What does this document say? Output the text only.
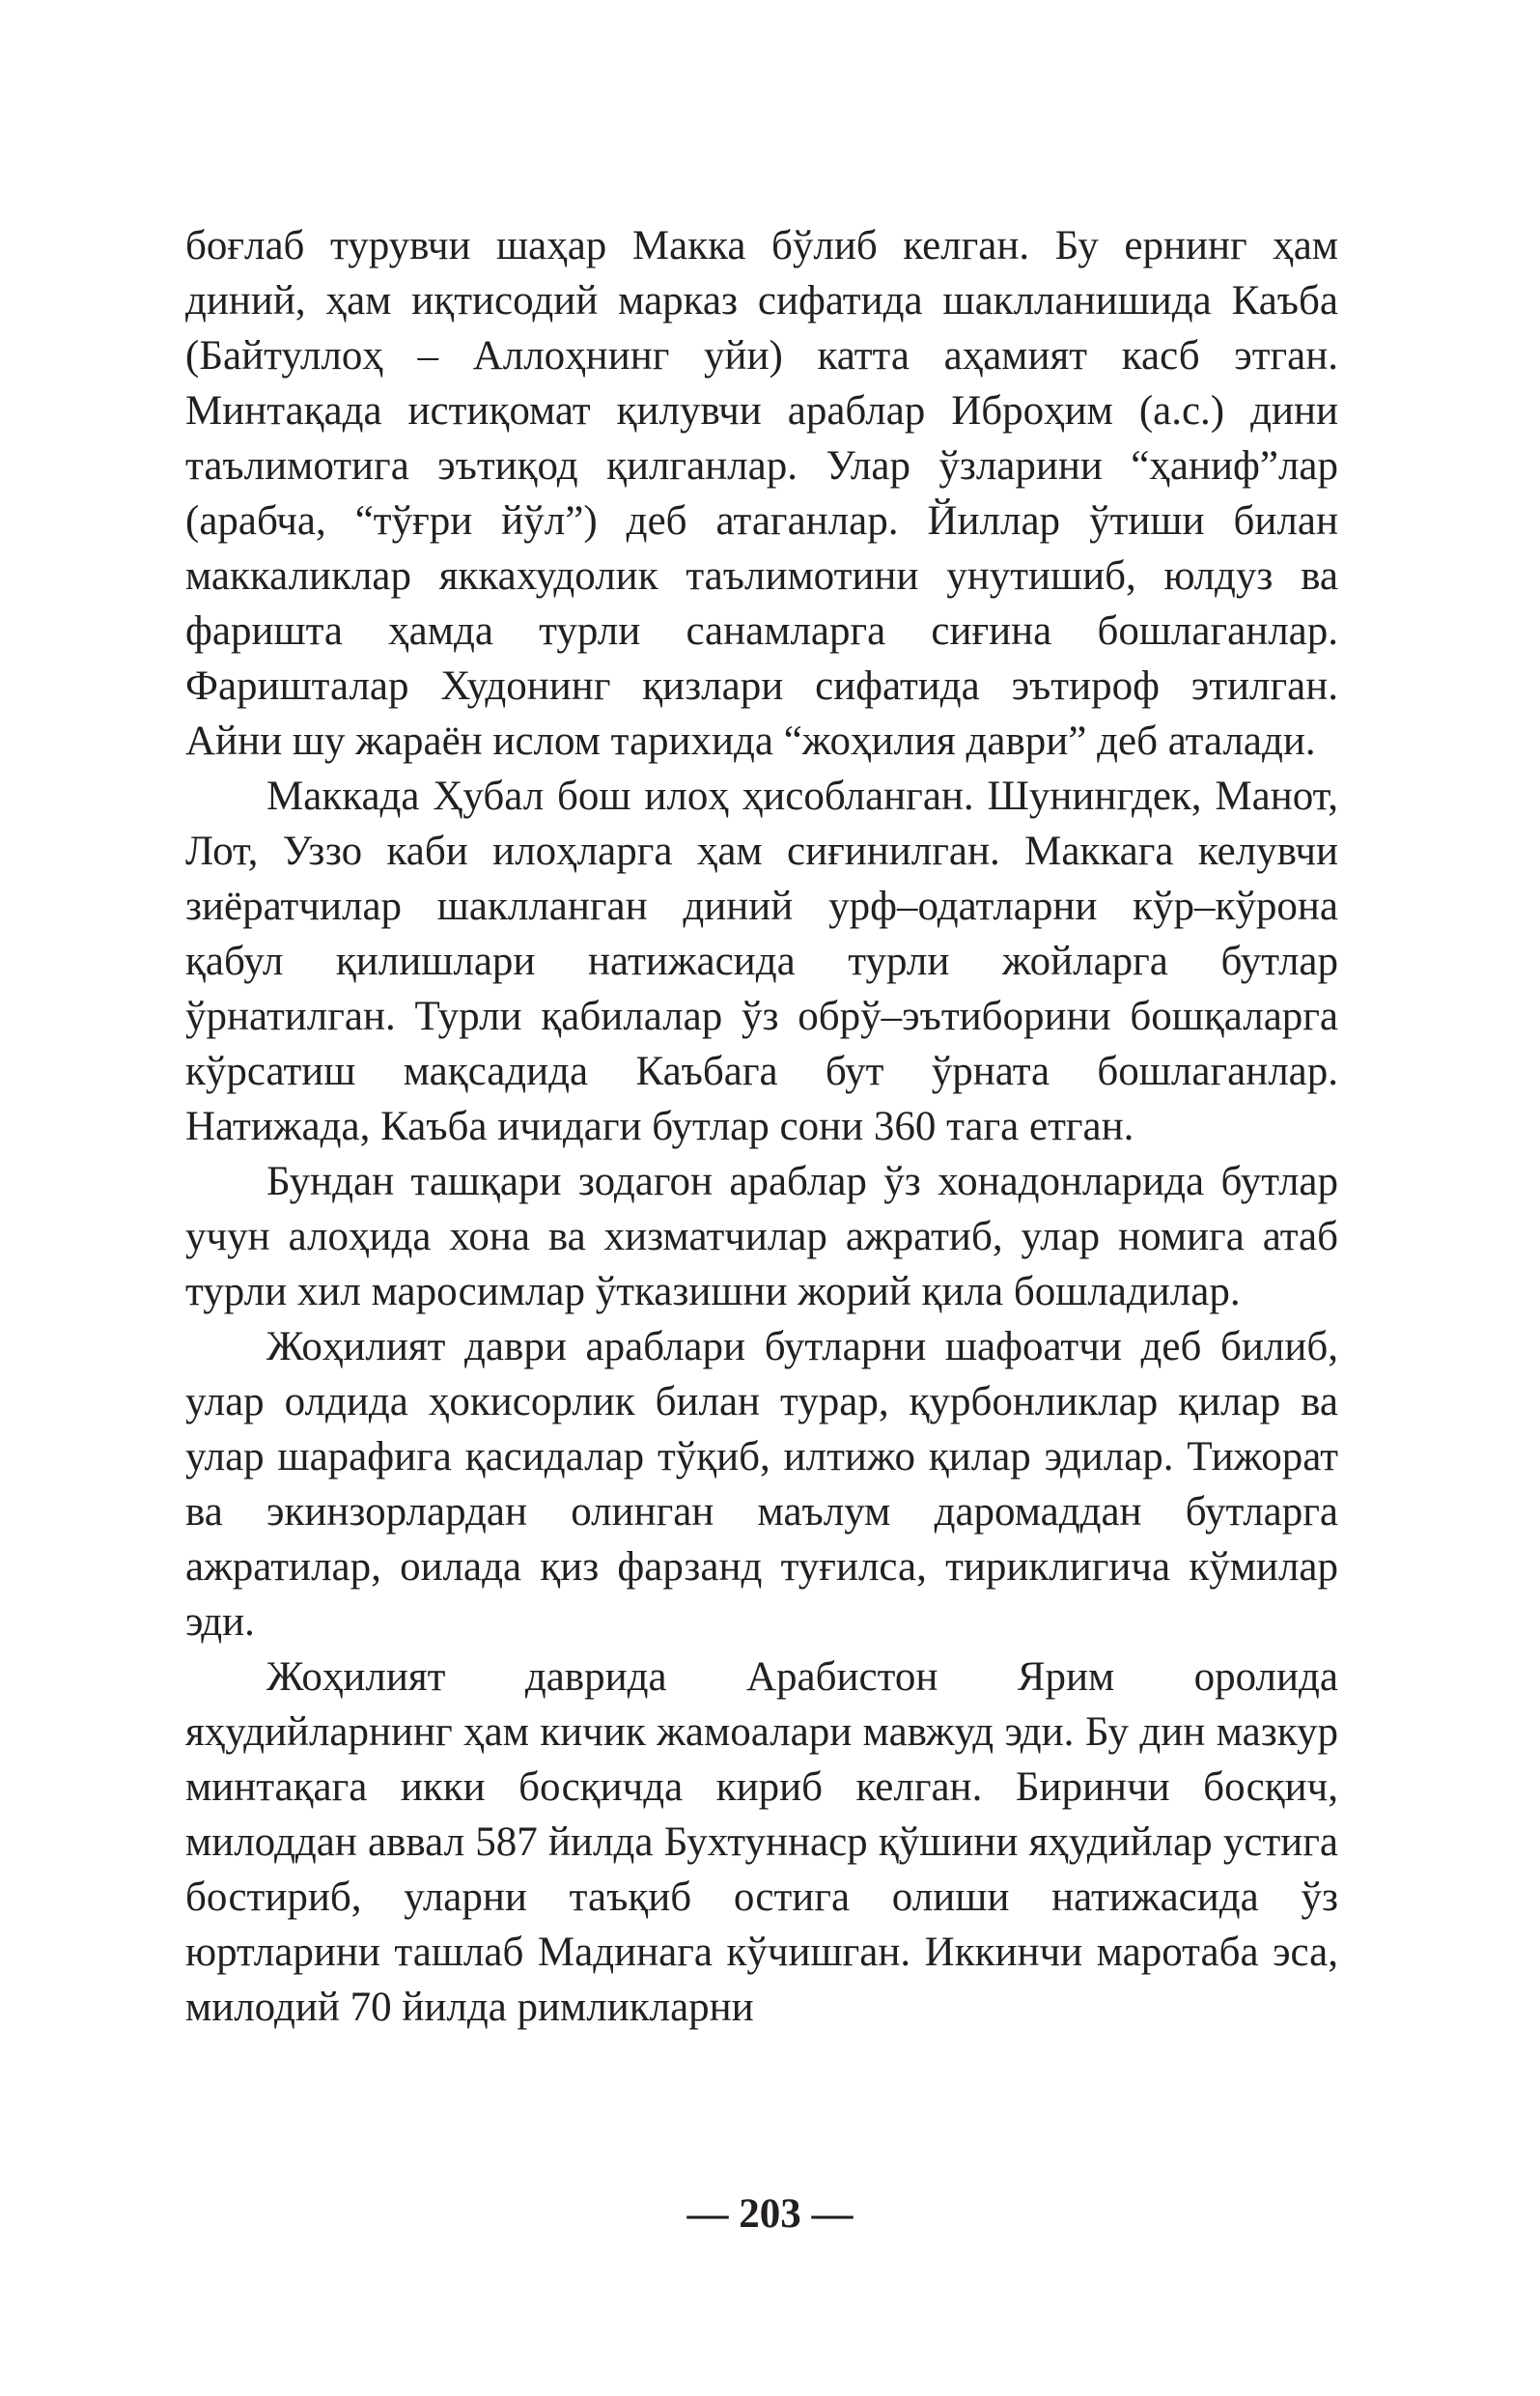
боғлаб турувчи шаҳар Макка бўлиб келган. Бу ернинг ҳам диний, ҳам иқтисодий марказ сифатида шаклланишида Каъба (Байтуллоҳ – Аллоҳнинг уйи) катта аҳамият касб этган. Минтақада истиқомат қилувчи араблар Иброҳим (а.с.) дини таълимотига эътиқод қилганлар. Улар ўзларини “ҳаниф”лар (арабча, “тўғри йўл”) деб атаганлар. Йиллар ўтиши билан маккаликлар яккахудолик таълимотини унутишиб, юлдуз ва фаришта ҳамда турли санамларга сиғина бошлаганлар. Фаришталар Худонинг қизлари сифатида эътироф этилган. Айни шу жараён ислом тарихида “жоҳилия даври” деб аталади.

Маккада Ҳубал бош илоҳ ҳисобланган. Шунингдек, Манот, Лот, Уззо каби илоҳларга ҳам сиғинилган. Маккага келувчи зиёратчилар шаклланган диний урф–одатларни кўр–кўрона қабул қилишлари натижасида турли жойларга бутлар ўрнатилган. Турли қабилалар ўз обрў–эътиборини бошқаларга кўрсатиш мақсадида Каъбага бут ўрната бошлаганлар. Натижада, Каъба ичидаги бутлар сони 360 тага етган.

Бундан ташқари зодагон араблар ўз хонадонларида бутлар учун алоҳида хона ва хизматчилар ажратиб, улар номига атаб турли хил маросимлар ўтказишни жорий қила бошладилар.

Жоҳилият даври араблари бутларни шафоатчи деб билиб, улар олдида ҳокисорлик билан турар, қурбонликлар қилар ва улар шарафига қасидалар тўқиб, илтижо қилар эдилар. Тижорат ва экинзорлардан олинган маълум даромаддан бутларга ажратилар, оилада қиз фарзанд туғилса, тириклигича кўмилар эди.

Жоҳилият даврида Арабистон Ярим оролида яҳудийларнинг ҳам кичик жамоалари мавжуд эди. Бу дин мазкур минтақага икки босқичда кириб келган. Биринчи босқич, милоддан аввал 587 йилда Бухтуннаср қўшини яҳудийлар устига бостириб, уларни таъқиб остига олиши натижасида ўз юртларини ташлаб Мадинага кўчишган. Иккинчи маротаба эса, милодий 70 йилда римликларни

— 203 —
